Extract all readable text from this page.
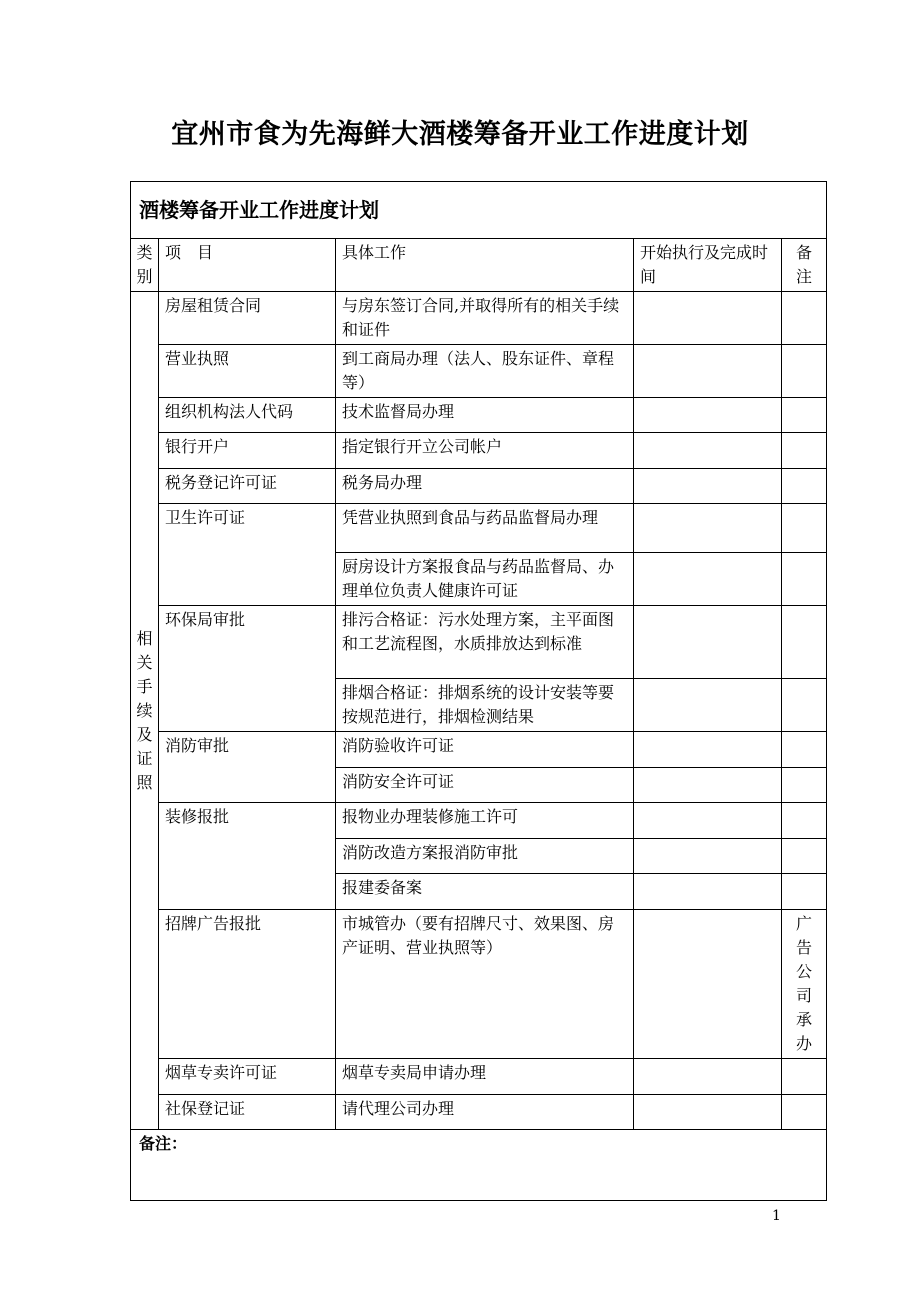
宜州市食为先海鲜大酒楼筹备开业工作进度计划
酒楼筹备开业工作进度计划				
类别	项　目	具体工作	开始执行及完成时间	备注
相关手续及证照	房屋租赁合同	与房东签订合同,并取得所有的相关手续和证件		
	营业执照	到工商局办理（法人、股东证件、章程等）		
	组织机构法人代码	技术监督局办理		
	银行开户	指定银行开立公司帐户		
	税务登记许可证	税务局办理		
	卫生许可证	凭营业执照到食品与药品监督局办理		
		厨房设计方案报食品与药品监督局、办理单位负责人健康许可证		
	环保局审批	排污合格证：污水处理方案，主平面图和工艺流程图，水质排放达到标准		
		排烟合格证：排烟系统的设计安装等要按规范进行，排烟检测结果		
	消防审批	消防验收许可证		
		消防安全许可证		
	装修报批	报物业办理装修施工许可		
		消防改造方案报消防审批		
		报建委备案		
	招牌广告报批	市城管办（要有招牌尺寸、效果图、房产证明、营业执照等）		广告公司承办
	烟草专卖许可证	烟草专卖局申请办理		
	社保登记证	请代理公司办理		
备注：				
1
